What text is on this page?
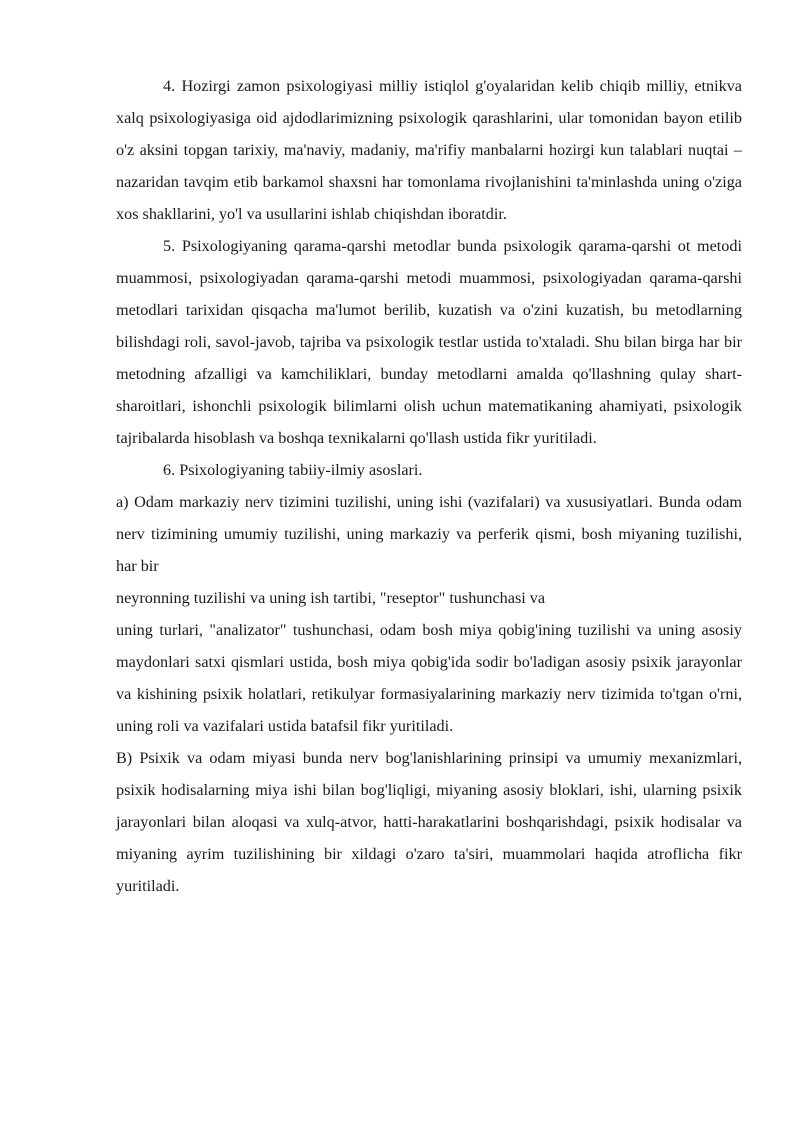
4. Hozirgi zamon psixologiyasi milliy istiqlol g'oyalaridan kelib chiqib milliy, etnikva xalq psixologiyasiga oid ajdodlarimizning psixologik qarashlarini, ular tomonidan bayon etilib o'z aksini topgan tarixiy, ma'naviy, madaniy, ma'rifiy manbalarni hozirgi kun talablari nuqtai – nazaridan tavqim etib barkamol shaxsni har tomonlama rivojlanishini ta'minlashda uning o'ziga xos shakllarini, yo'l va usullarini ishlab chiqishdan iboratdir.

5. Psixologiyaning qarama-qarshi metodlar bunda psixologik qarama-qarshi ot metodi muammosi, psixologiyadan qarama-qarshi metodi muammosi, psixologiyadan qarama-qarshi metodlari tarixidan qisqacha ma'lumot berilib, kuzatish va o'zini kuzatish, bu metodlarning bilishdagi roli, savol-javob, tajriba va psixologik testlar ustida to'xtaladi. Shu bilan birga har bir metodning afzalligi va kamchiliklari, bunday metodlarni amalda qo'llashning qulay shart-sharoitlari, ishonchli psixologik bilimlarni olish uchun matematikaning ahamiyati, psixologik tajribalarda hisoblash va boshqa texnikalarni qo'llash ustida fikr yuritiladi.

6. Psixologiyaning tabiiy-ilmiy asoslari.

a) Odam markaziy nerv tizimini tuzilishi, uning ishi (vazifalari) va xususiyatlari. Bunda odam nerv tizimining umumiy tuzilishi, uning markaziy va perferik qismi, bosh miyaning tuzilishi, har bir

neyronning tuzilishi va uning ish tartibi, "reseptor" tushunchasi va

uning turlari, "analizator" tushunchasi, odam bosh miya qobig'ining tuzilishi va uning asosiy maydonlari satxi qismlari ustida, bosh miya qobig'ida sodir bo'ladigan asosiy psixik jarayonlar va kishining psixik holatlari, retikulyar formasiyalarining markaziy nerv tizimida to'tgan o'rni, uning roli va vazifalari ustida batafsil fikr yuritiladi.

B) Psixik va odam miyasi bunda nerv bog'lanishlarining prinsipi va umumiy mexanizmlari, psixik hodisalarning miya ishi bilan bog'liqligi, miyaning asosiy bloklari, ishi, ularning psixik jarayonlari bilan aloqasi va xulq-atvor, hatti-harakatlarini boshqarishdagi, psixik hodisalar va miyaning ayrim tuzilishining bir xildagi o'zaro ta'siri, muammolari haqida atroflicha fikr yuritiladi.
